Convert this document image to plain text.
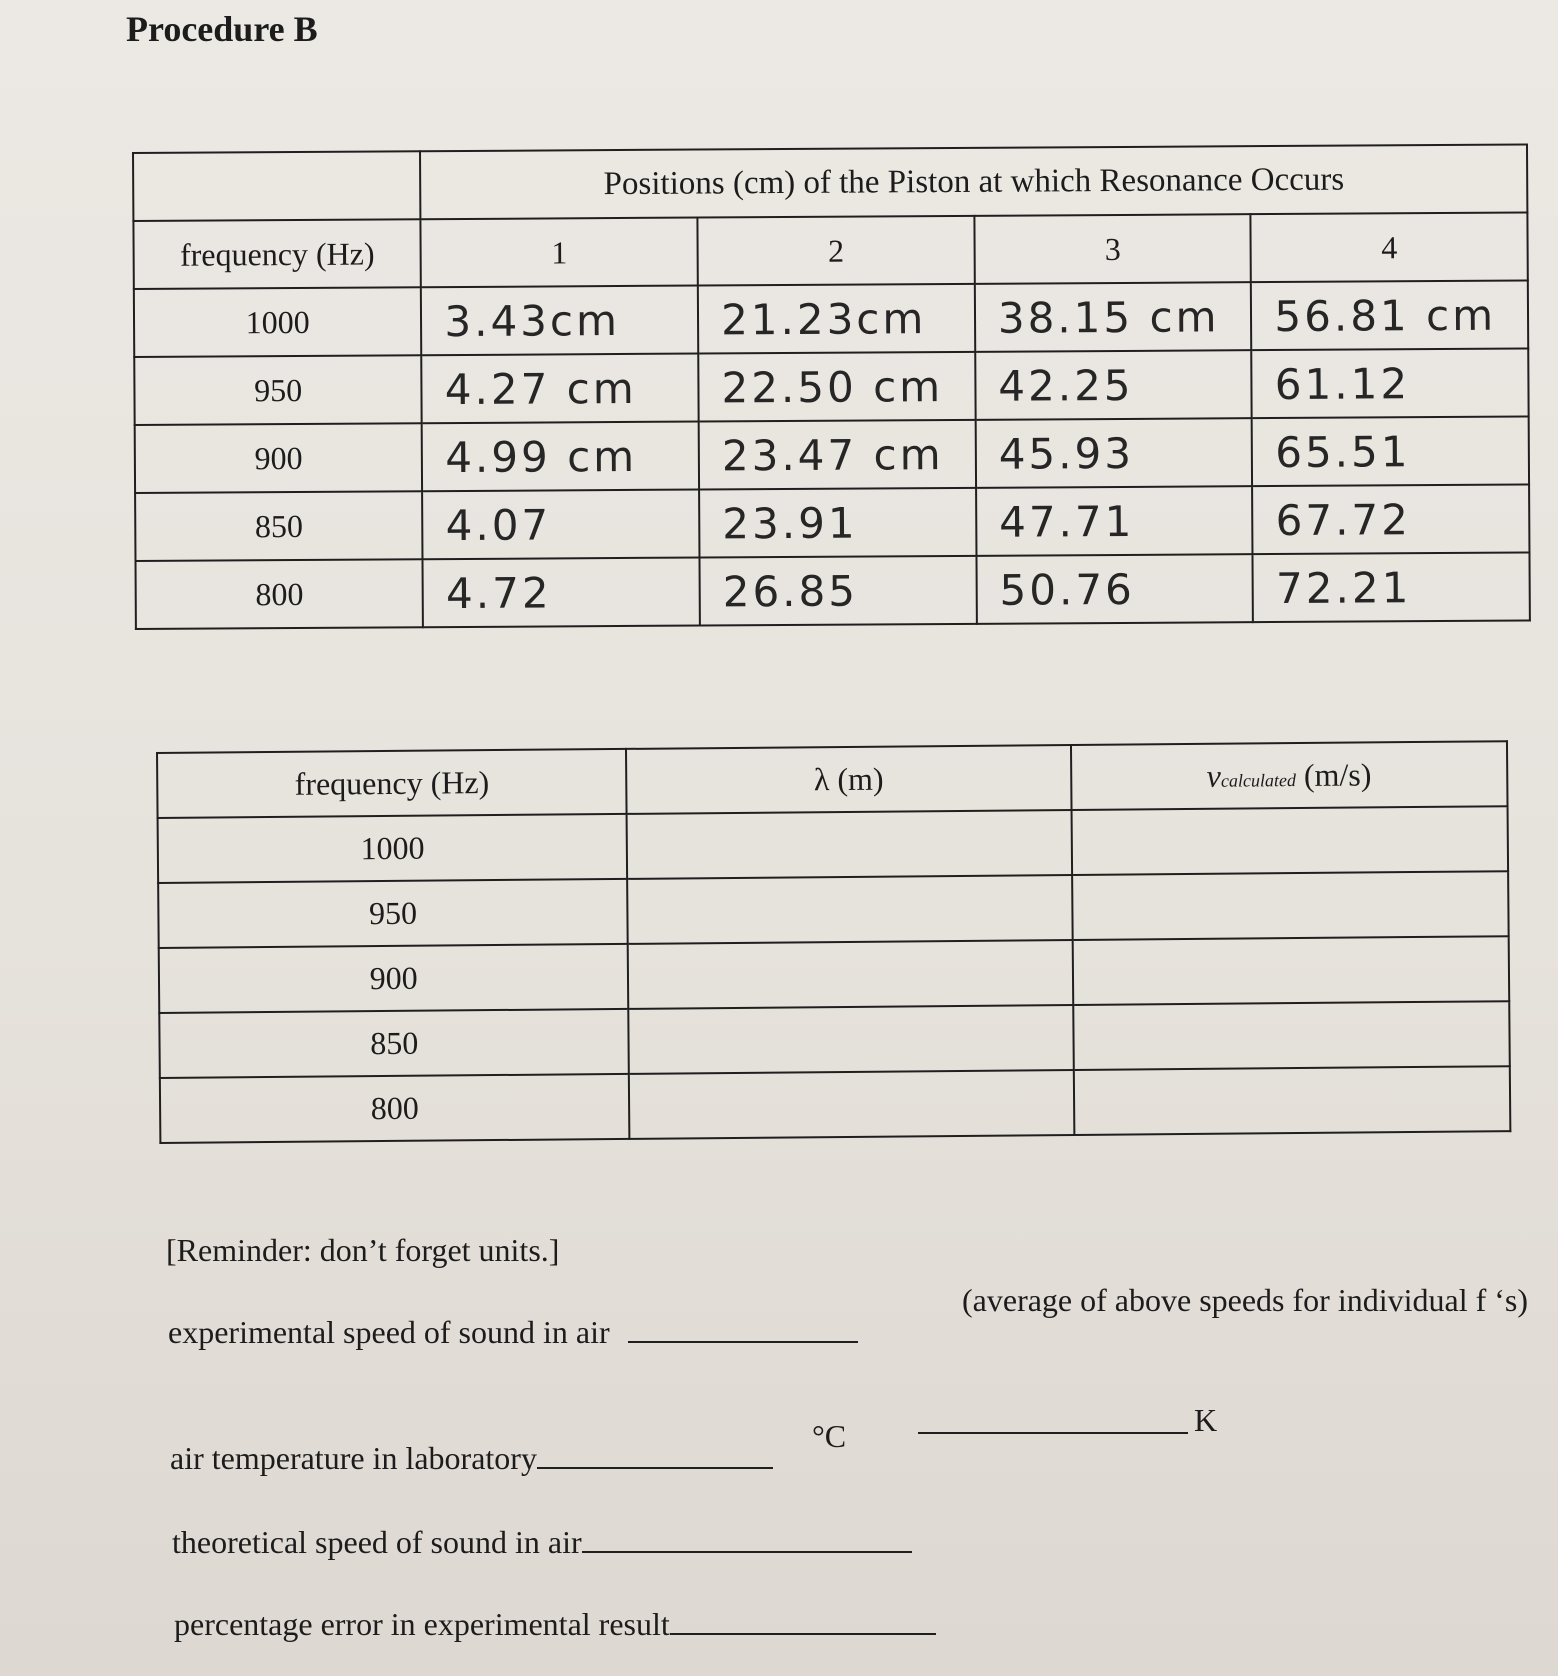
Procedure B
	Positions (cm) of the Piston at which Resonance Occurs			
frequency (Hz)	1	2	3	4
1000	3.43cm	21.23cm	38.15 cm	56.81 cm
950	4.27 cm	22.50 cm	42.25	61.12
900	4.99 cm	23.47 cm	45.93	65.51
850	4.07	23.91	47.71	67.72
800	4.72	26.85	50.76	72.21
frequency (Hz)	λ (m)	vcalculated (m/s)
1000		
950		
900		
850		
800		
[Reminder: don’t forget units.]
experimental speed of sound in air
(average of above speeds for individual f ‘s)
air temperature in laboratory
°C	K
theoretical speed of sound in air
percentage error in experimental result
